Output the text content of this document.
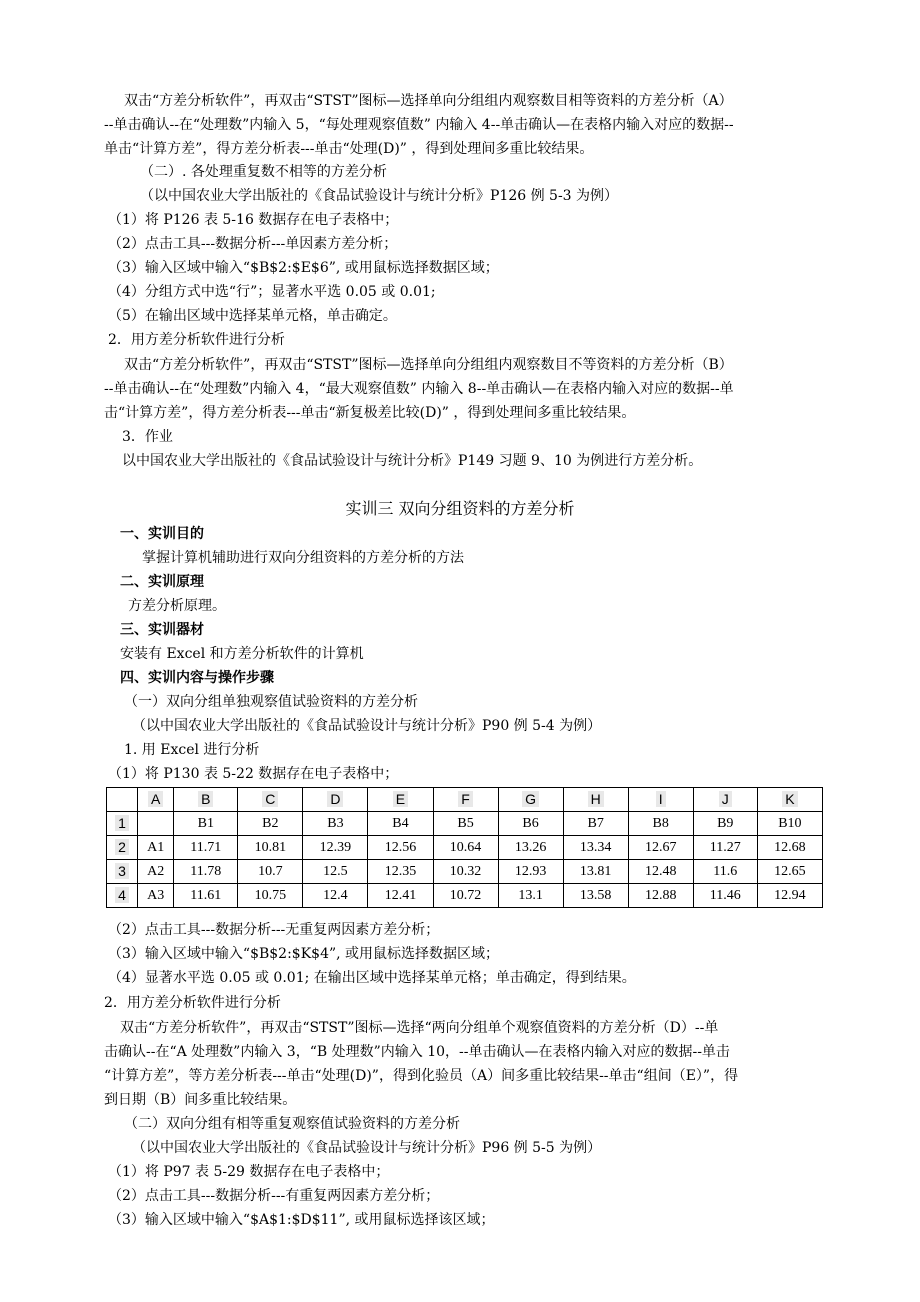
双击“方差分析软件”，再双击“STST”图标—选择单向分组组内观察数目相等资料的方差分析（A）
--单击确认--在“处理数”内输入 5，“每处理观察值数” 内输入 4--单击确认—在表格内输入对应的数据--
单击“计算方差”，得方差分析表---单击“处理(D)” ，得到处理间多重比较结果。
（二）. 各处理重复数不相等的方差分析
（以中国农业大学出版社的《食品试验设计与统计分析》P126 例 5-3 为例）
（1）将 P126 表 5-16 数据存在电子表格中；
（2）点击工具---数据分析---单因素方差分析；
（3）输入区域中输入“$B$2:$E$6”, 或用鼠标选择数据区域；
（4）分组方式中选“行”；显著水平选 0.05 或 0.01;
（5）在输出区域中选择某单元格，单击确定。
2．用方差分析软件进行分析
双击“方差分析软件”，再双击“STST”图标—选择单向分组组内观察数目不等资料的方差分析（B）
--单击确认--在“处理数”内输入 4，“最大观察值数” 内输入 8--单击确认—在表格内输入对应的数据--单
击“计算方差”，得方差分析表---单击“新复极差比较(D)” ，得到处理间多重比较结果。
3．作业
以中国农业大学出版社的《食品试验设计与统计分析》P149 习题 9、10 为例进行方差分析。
实训三 双向分组资料的方差分析
一、实训目的
掌握计算机辅助进行双向分组资料的方差分析的方法
二、实训原理
方差分析原理。
三、实训器材
安装有 Excel 和方差分析软件的计算机
四、实训内容与操作步骤
（一）双向分组单独观察值试验资料的方差分析
（以中国农业大学出版社的《食品试验设计与统计分析》P90 例 5-4 为例）
1. 用 Excel 进行分析
（1）将 P130 表 5-22 数据存在电子表格中；
	A	B	C	D	E	F	G	H	I	J	K
1		B1	B2	B3	B4	B5	B6	B7	B8	B9	B10
2	A1	11.71	10.81	12.39	12.56	10.64	13.26	13.34	12.67	11.27	12.68
3	A2	11.78	10.7	12.5	12.35	10.32	12.93	13.81	12.48	11.6	12.65
4	A3	11.61	10.75	12.4	12.41	10.72	13.1	13.58	12.88	11.46	12.94
（2）点击工具---数据分析---无重复两因素方差分析；
（3）输入区域中输入“$B$2:$K$4”, 或用鼠标选择数据区域；
（4）显著水平选 0.05 或 0.01; 在输出区域中选择某单元格；单击确定，得到结果。
2．用方差分析软件进行分析
双击“方差分析软件”，再双击“STST”图标—选择“两向分组单个观察值资料的方差分析（D）--单
击确认--在“A 处理数”内输入 3，“B 处理数”内输入 10，--单击确认—在表格内输入对应的数据--单击
“计算方差”，等方差分析表---单击“处理(D)”，得到化验员（A）间多重比较结果--单击“组间（E）”，得
到日期（B）间多重比较结果。
（二）双向分组有相等重复观察值试验资料的方差分析
（以中国农业大学出版社的《食品试验设计与统计分析》P96 例 5-5 为例）
（1）将 P97 表 5-29 数据存在电子表格中；
（2）点击工具---数据分析---有重复两因素方差分析；
（3）输入区域中输入“$A$1:$D$11”, 或用鼠标选择该区域；
